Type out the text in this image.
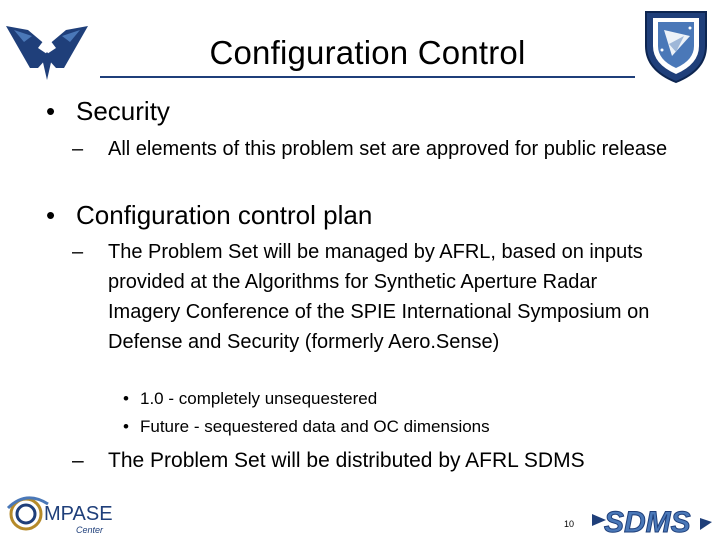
Configuration Control
• Security
– All elements of this problem set are approved for public release
• Configuration control plan
– The Problem Set will be managed by AFRL, based on inputs provided at the Algorithms for Synthetic Aperture Radar Imagery Conference of the SPIE International Symposium on Defense and Security (formerly Aero.Sense)
• 1.0 - completely unsequestered
• Future - sequestered data and OC dimensions
– The Problem Set will be distributed by AFRL SDMS
MPASE
Center
10 SDMS
